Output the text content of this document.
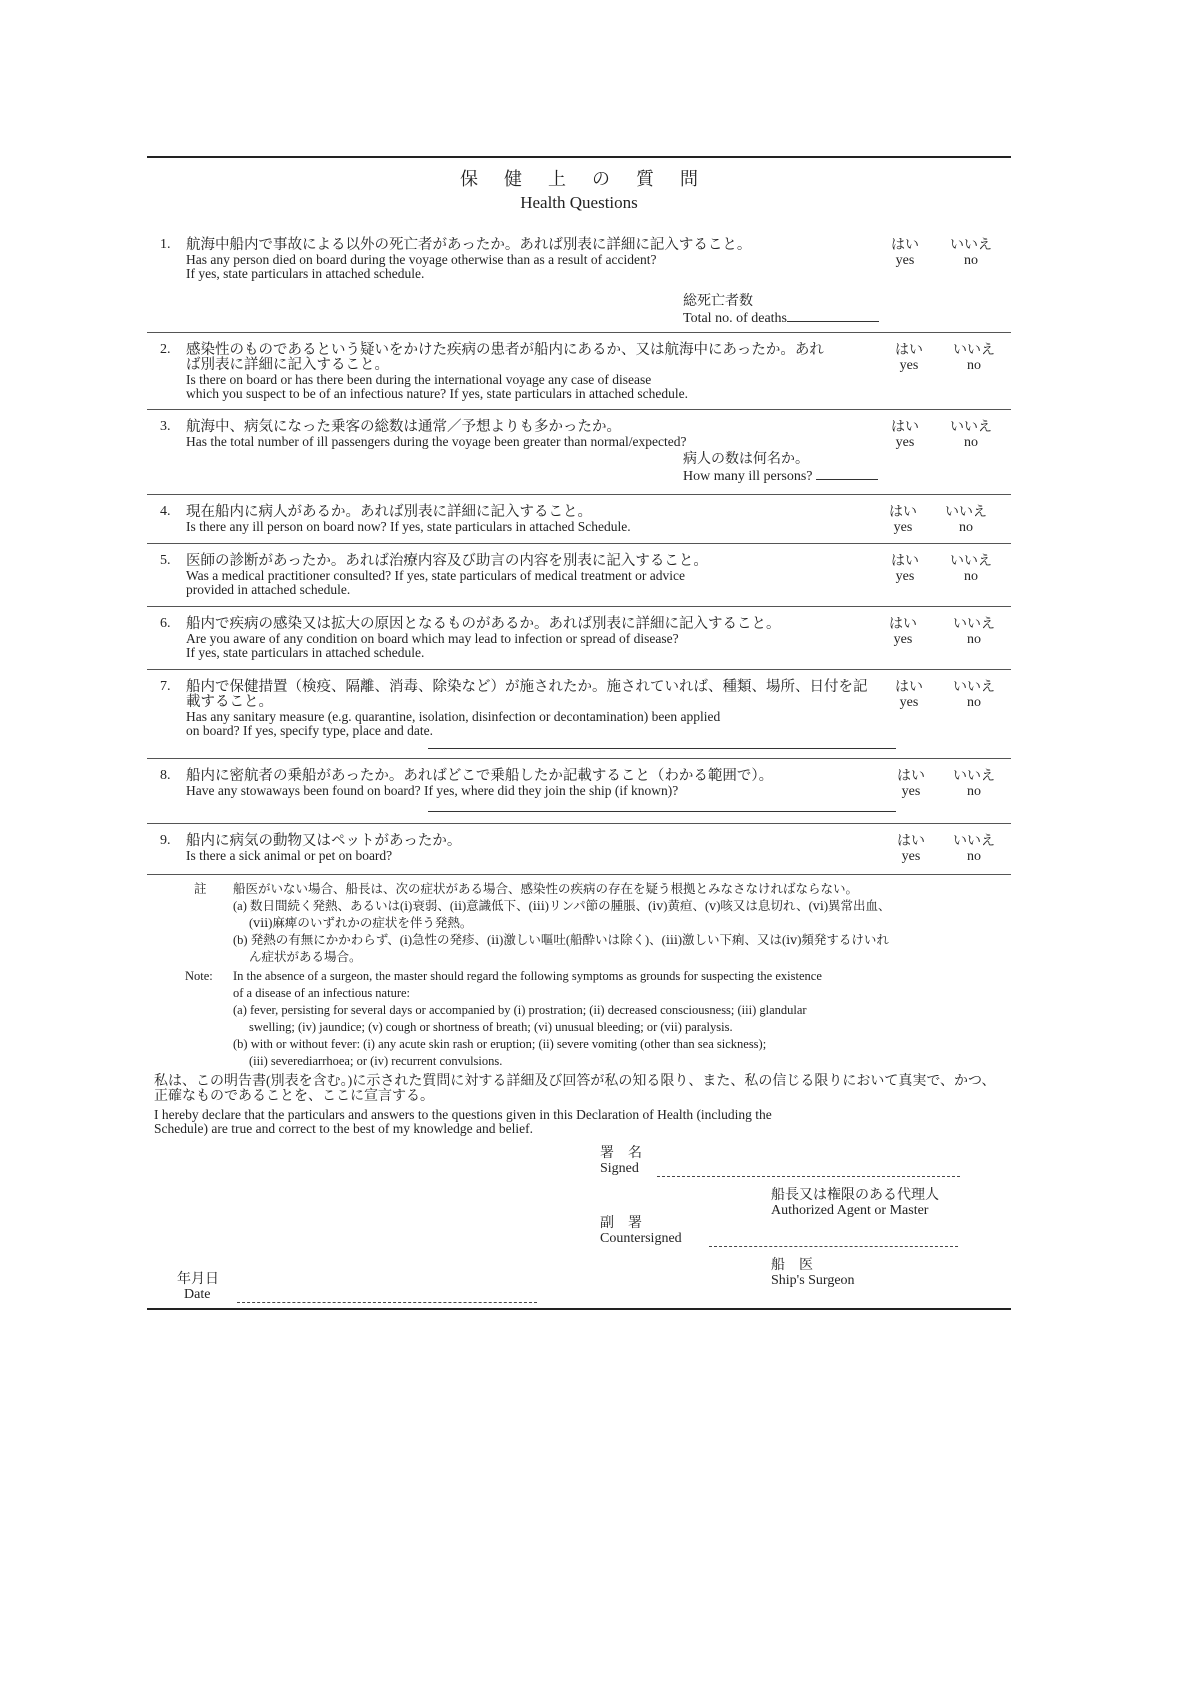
保健上の質問
Health Questions
1. 航海中船内で事故による以外の死亡者があったか。あれば別表に詳細に記入すること。
Has any person died on board during the voyage otherwise than as a result of accident?
If yes, state particulars in attached schedule.
はい
yes
いいえ
no
総死亡者数
Total no. of deaths
2. 感染性のものであるという疑いをかけた疾病の患者が船内にあるか、又は航海中にあったか。あれば別表に詳細に記入すること。
Is there on board or has there been during the international voyage any case of disease
which you suspect to be of an infectious nature? If yes, state particulars in attached schedule.
はい
yes
いいえ
no
3. 航海中、病気になった乗客の総数は通常／予想よりも多かったか。
Has the total number of ill passengers during the voyage been greater than normal/expected?
はい
yes
いいえ
no
病人の数は何名か。
How many ill persons?
4. 現在船内に病人があるか。あれば別表に詳細に記入すること。
Is there any ill person on board now? If yes, state particulars in attached Schedule.
はい
yes
いいえ
no
5. 医師の診断があったか。あれば治療内容及び助言の内容を別表に記入すること。
Was a medical practitioner consulted? If yes, state particulars of medical treatment or advice
provided in attached schedule.
はい
yes
いいえ
no
6. 船内で疾病の感染又は拡大の原因となるものがあるか。あれば別表に詳細に記入すること。
Are you aware of any condition on board which may lead to infection or spread of disease?
If yes, state particulars in attached schedule.
はい
yes
いいえ
no
7. 船内で保健措置（検疫、隔離、消毒、除染など）が施されたか。施されていれば、種類、場所、日付を記載すること。
Has any sanitary measure (e.g. quarantine, isolation, disinfection or decontamination) been applied
on board? If yes, specify type, place and date.
はい
yes
いいえ
no
8. 船内に密航者の乗船があったか。あればどこで乗船したか記載すること（わかる範囲で）。
Have any stowaways been found on board? If yes, where did they join the ship (if known)?
はい
yes
いいえ
no
9. 船内に病気の動物又はペットがあったか。
Is there a sick animal or pet on board?
はい
yes
いいえ
no
註 船医がいない場合、船長は、次の症状がある場合、感染性の疾病の存在を疑う根拠とみなさなければならない。
(a) 数日間続く発熱、あるいは(ⅰ)衰弱、(ⅱ)意識低下、(ⅲ)リンパ節の腫脹、(ⅳ)黄疸、(ⅴ)咳又は息切れ、(ⅵ)異常出血、
(ⅶ)麻痺のいずれかの症状を伴う発熱。
(b) 発熱の有無にかかわらず、(ⅰ)急性の発疹、(ⅱ)激しい嘔吐(船酔いは除く)、(ⅲ)激しい下痢、又は(ⅳ)頻発するけいれ
ん症状がある場合。
Note: In the absence of a surgeon, the master should regard the following symptoms as grounds for suspecting the existence
of a disease of an infectious nature:
(a) fever, persisting for several days or accompanied by (i) prostration; (ii) decreased consciousness; (iii) glandular
swelling; (iv) jaundice; (v) cough or shortness of breath; (vi) unusual bleeding; or (vii) paralysis.
(b) with or without fever: (i) any acute skin rash or eruption; (ii) severe vomiting (other than sea sickness);
(iii) severediarrhoea; or (iv) recurrent convulsions.
私は、この明告書(別表を含む。)に示された質問に対する詳細及び回答が私の知る限り、また、私の信じる限りにおいて真実で、かつ、
正確なものであることを、ここに宣言する。
I hereby declare that the particulars and answers to the questions given in this Declaration of Health (including the
Schedule) are true and correct to the best of my knowledge and belief.
署　名
Signed
船長又は権限のある代理人
Authorized Agent or Master
副　署
Countersigned
船　医
Ship's Surgeon
年月日
Date
